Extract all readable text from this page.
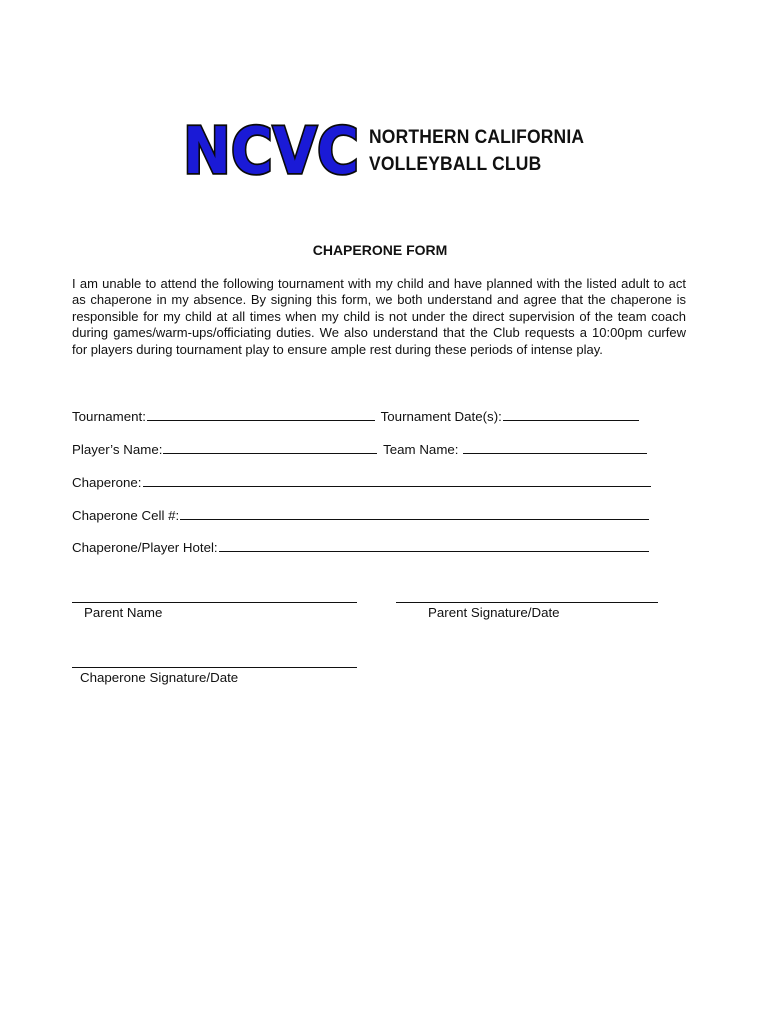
NCVC NORTHERN CALIFORNIA
VOLLEYBALL CLUB
CHAPERONE FORM
I am unable to attend the following tournament with my child and have planned with the listed adult to act as chaperone in my absence. By signing this form, we both understand and agree that the chaperone is responsible for my child at all times when my child is not under the direct supervision of the team coach during games/warm-ups/officiating duties. We also understand that the Club requests a 10:00pm curfew for players during tournament play to ensure ample rest during these periods of intense play.
Tournament:	Tournament Date(s):
Player’s Name:	Team Name:
Chaperone:
Chaperone Cell #:
Chaperone/Player Hotel:
Parent Name	Parent Signature/Date
Chaperone Signature/Date
